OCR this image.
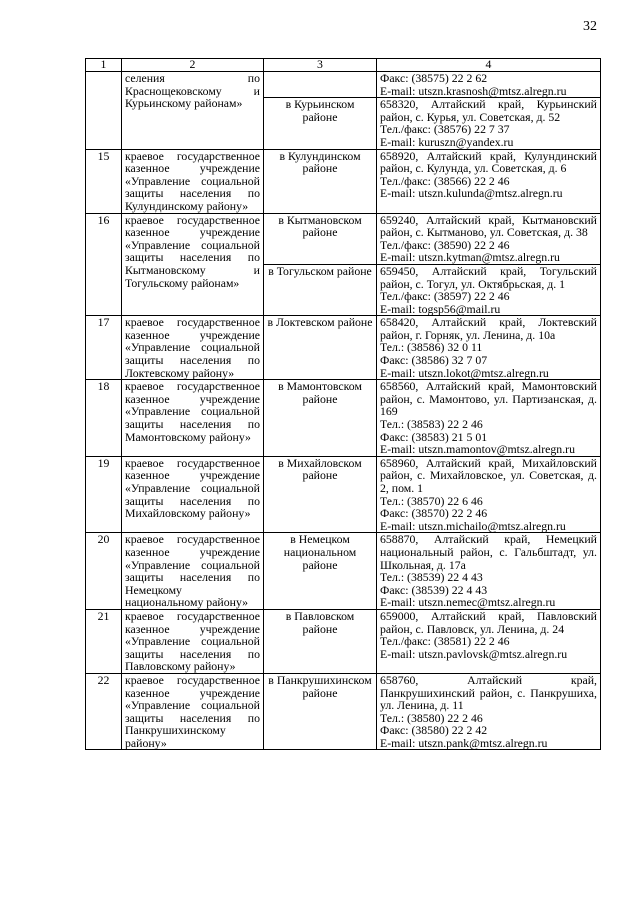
32
1	2	3	4
	селения по Краснощековскому и Курьинскому районам»		Факс: (38575) 22 2 62
E-mail: utszn.krasnosh@mtsz.alregn.ru

		в Курьинском районе	658320, Алтайский край, Курьинский район, с. Курья, ул. Советская, д. 52
Тел./факс: (38576) 22 7 37
E-mail: kuruszn@yandex.ru

15	краевое государственное казенное учреждение «Управление социальной защиты населения по Кулундинскому району»	в Кулундинском районе	658920, Алтайский край, Кулундинский район, с. Кулунда, ул. Советская, д. 6
Тел./факс: (38566) 22 2 46
E-mail: utszn.kulunda@mtsz.alregn.ru

16	краевое государственное казенное учреждение «Управление социальной защиты населения по Кытмановскому и Тогульскому районам»	в Кытмановском районе	659240, Алтайский край, Кытмановский район, с. Кытманово, ул. Советская, д. 38
Тел./факс: (38590) 22 2 46
E-mail: utszn.kytman@mtsz.alregn.ru

		в Тогульском районе	659450, Алтайский край, Тогульский район, с. Тогул, ул. Октябрьская, д. 1
Тел./факс: (38597) 22 2 46
E-mail: togsp56@mail.ru

17	краевое государственное казенное учреждение «Управление социальной защиты населения по Локтевскому району»	в Локтевском районе	658420, Алтайский край, Локтевский район, г. Горняк, ул. Ленина, д. 10а
Тел.: (38586) 32 0 11
Факс: (38586) 32 7 07
E-mail: utszn.lokot@mtsz.alregn.ru

18	краевое государственное казенное учреждение «Управление социальной защиты населения по Мамонтовскому району»	в Мамонтовском районе	658560, Алтайский край, Мамонтовский район, с. Мамонтово, ул. Партизанская, д. 169
Тел.: (38583) 22 2 46
Факс: (38583) 21 5 01
E-mail: utszn.mamontov@mtsz.alregn.ru

19	краевое государственное казенное учреждение «Управление социальной защиты населения по Михайловскому району»	в Михайловском районе	658960, Алтайский край, Михайловский район, с. Михайловское, ул. Советская, д. 2, пом. 1
Тел.: (38570) 22 6 46
Факс: (38570) 22 2 46
E-mail: utszn.michailo@mtsz.alregn.ru

20	краевое государственное казенное учреждение «Управление социальной защиты населения по Немецкому национальному району»	в Немецком национальном районе	658870, Алтайский край, Немецкий национальный район, с. Гальбштадт, ул. Школьная, д. 17а
Тел.: (38539) 22 4 43
Факс: (38539) 22 4 43
E-mail: utszn.nemec@mtsz.alregn.ru

21	краевое государственное казенное учреждение «Управление социальной защиты населения по Павловскому району»	в Павловском районе	659000, Алтайский край, Павловский район, с. Павловск, ул. Ленина, д. 24
Тел./факс: (38581) 22 2 46
E-mail: utszn.pavlovsk@mtsz.alregn.ru

22	краевое государственное казенное учреждение «Управление социальной защиты населения по Панкрушихинскому району»	в Панкрушихинском районе	658760, Алтайский край, Панкрушихинский район, с. Панкрушиха, ул. Ленина, д. 11
Тел.: (38580) 22 2 46
Факс: (38580) 22 2 42
E-mail: utszn.pank@mtsz.alregn.ru
